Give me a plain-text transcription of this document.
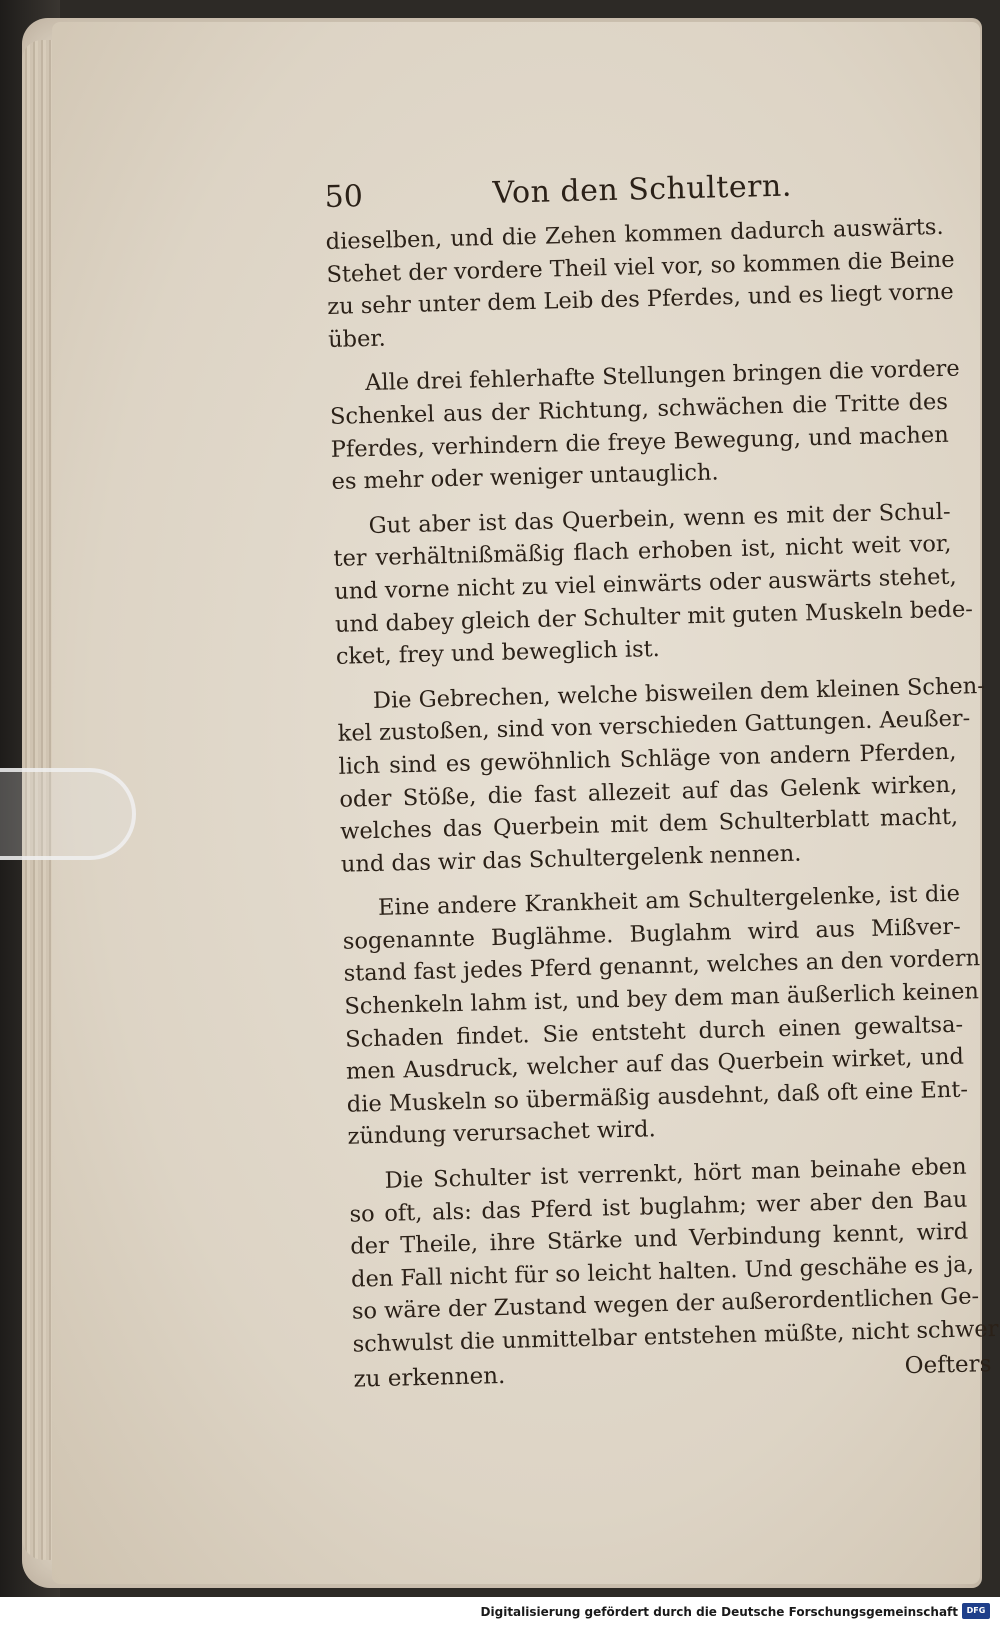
50	Von den Schultern.
dieselben, und die Zehen kommen dadurch auswärts.
Stehet der vordere Theil viel vor, so kommen die Beine
zu sehr unter dem Leib des Pferdes, und es liegt vorne
über.
Alle drei fehlerhafte Stellungen bringen die vordere
Schenkel aus der Richtung, schwächen die Tritte des
Pferdes, verhindern die freye Bewegung, und machen
es mehr oder weniger untauglich.
Gut aber ist das Querbein, wenn es mit der Schul-
ter verhältnißmäßig flach erhoben ist, nicht weit vor,
und vorne nicht zu viel einwärts oder auswärts stehet,
und dabey gleich der Schulter mit guten Muskeln bede-
cket, frey und beweglich ist.
Die Gebrechen, welche bisweilen dem kleinen Schen-
kel zustoßen, sind von verschieden Gattungen. Aeußer-
lich sind es gewöhnlich Schläge von andern Pferden,
oder Stöße, die fast allezeit auf das Gelenk wirken,
welches das Querbein mit dem Schulterblatt macht,
und das wir das Schultergelenk nennen.
Eine andere Krankheit am Schultergelenke, ist die
sogenannte Buglähme. Buglahm wird aus Mißver-
stand fast jedes Pferd genannt, welches an den vordern
Schenkeln lahm ist, und bey dem man äußerlich keinen
Schaden findet. Sie entsteht durch einen gewaltsa-
men Ausdruck, welcher auf das Querbein wirket, und
die Muskeln so übermäßig ausdehnt, daß oft eine Ent-
zündung verursachet wird.
Die Schulter ist verrenkt, hört man beinahe eben
so oft, als: das Pferd ist buglahm; wer aber den Bau
der Theile, ihre Stärke und Verbindung kennt, wird
den Fall nicht für so leicht halten. Und geschähe es ja,
so wäre der Zustand wegen der außerordentlichen Ge-
schwulst die unmittelbar entstehen müßte, nicht schwer
zu erkennen.	Oefters
Digitalisierung gefördert durch die Deutsche Forschungsgemeinschaft	DFG
